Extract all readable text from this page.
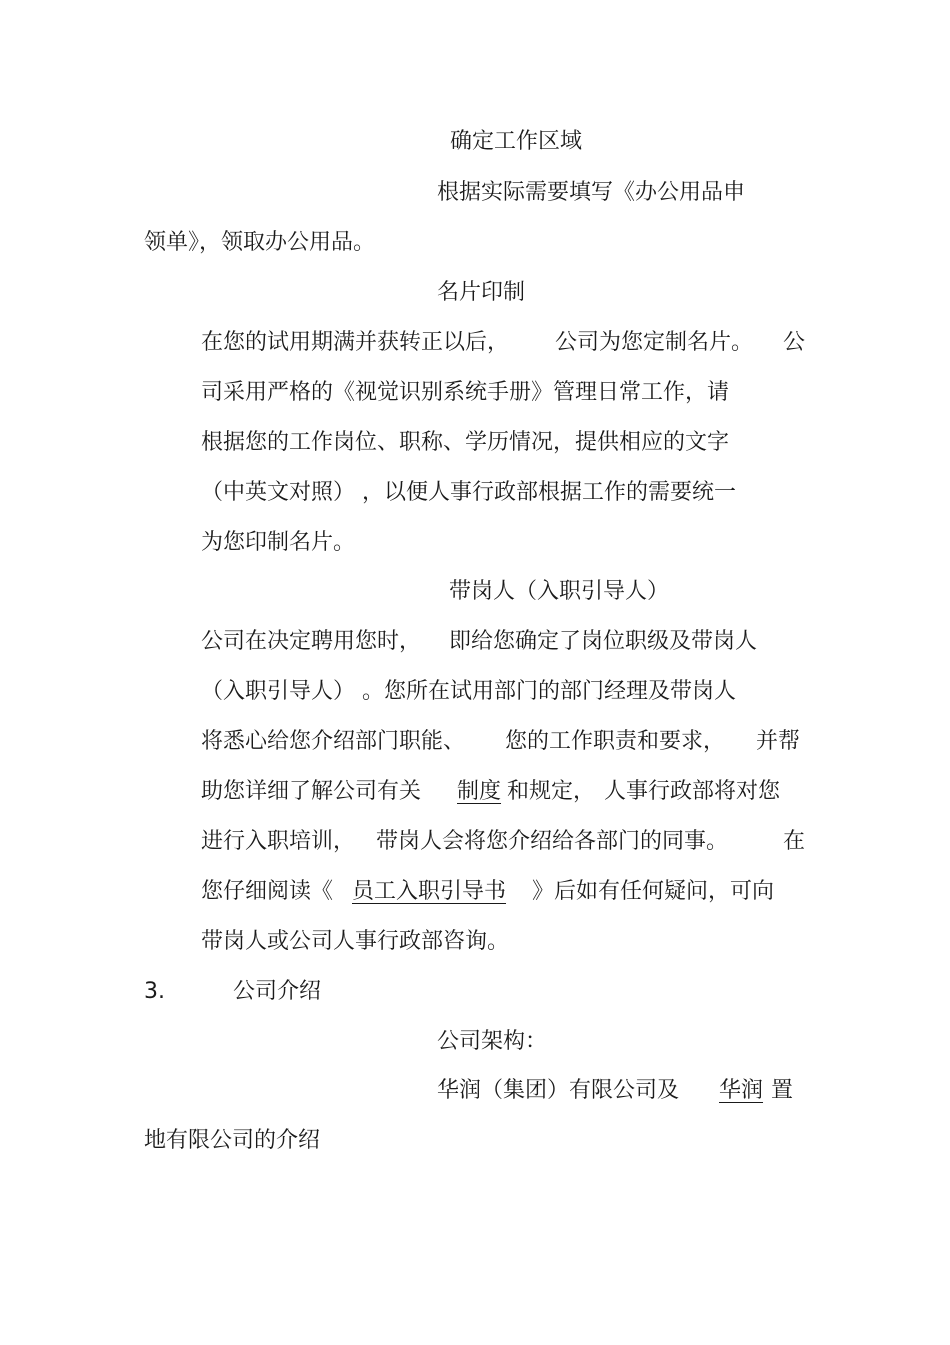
确定工作区域
根据实际需要填写《办公用品申
领单》，领取办公用品。
名片印制
在您的试用期满并获转正以后， 公司为您定制名片。 公
司采用严格的《视觉识别系统手册》管理日常工作，请
根据您的工作岗位、职称、学历情况，提供相应的文字
（中英文对照） ，以便人事行政部根据工作的需要统一
为您印制名片。
带岗人（入职引导人）
公司在决定聘用您时， 即给您确定了岗位职级及带岗人
（入职引导人） 。您所在试用部门的部门经理及带岗人
将悉心给您介绍部门职能、 您的工作职责和要求， 并帮
助您详细了解公司有关 制度 和规定， 人事行政部将对您
进行入职培训， 带岗人会将您介绍给各部门的同事。 在
您仔细阅读《 员工入职引导书 》后如有任何疑问，可向
带岗人或公司人事行政部咨询。
3.	公司介绍
公司架构：
华润（集团）有限公司及 华润 置
地有限公司的介绍
